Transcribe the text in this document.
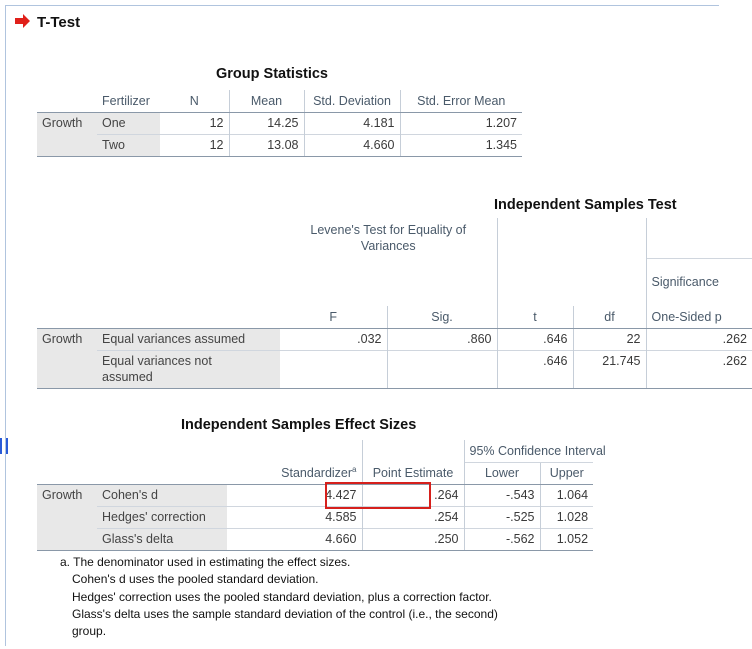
T-Test
Group Statistics
	Fertilizer	N	Mean	Std. Deviation	Std. Error Mean
Growth	One	12	14.25	4.181	1.207
	Two	12	13.08	4.660	1.345
Independent Samples Test
		Levene's Test for Equality of Variances				
						Significance
		F	Sig.	t	df	One-Sided p
Growth	Equal variances assumed	.032	.860	.646	22	.262
	Equal variances not assumed			.646	21.745	.262
Independent Samples Effect Sizes
				95% Confidence Interval	
		Standardizer$^a$	Point Estimate	Lower	Upper
Growth	Cohen's d	4.427	.264	-.543	1.064
	Hedges' correction	4.585	.254	-.525	1.028
	Glass's delta	4.660	.250	-.562	1.052
a. The denominator used in estimating the effect sizes.
Cohen's d uses the pooled standard deviation.
Hedges' correction uses the pooled standard deviation, plus a correction factor.
Glass's delta uses the sample standard deviation of the control (i.e., the second)
group.
